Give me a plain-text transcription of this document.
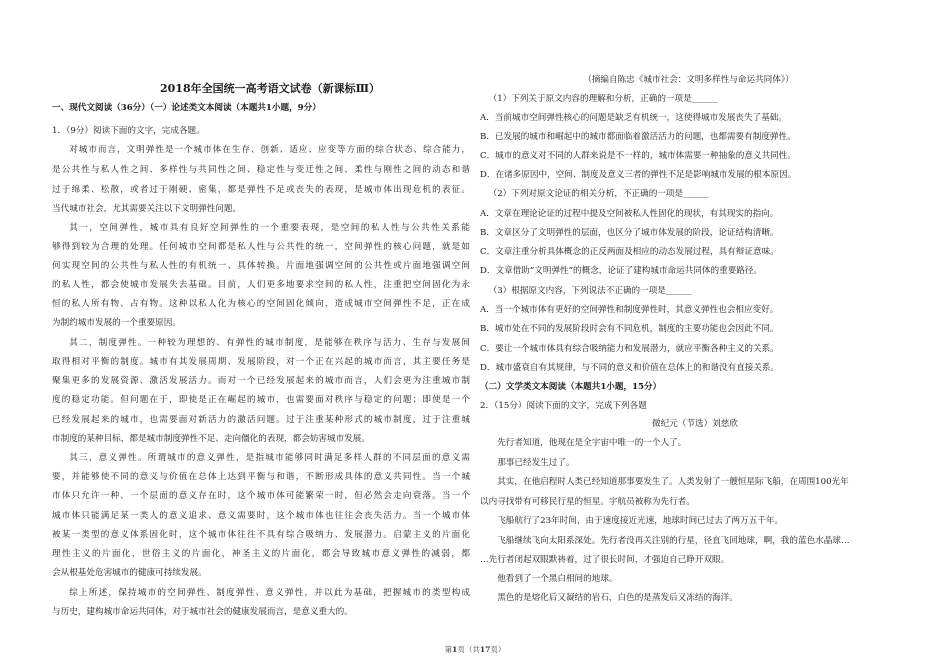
2018年全国统一高考语文试卷（新课标Ⅲ）
一、现代文阅读（36分）（一）论述类文本阅读（本题共1小题，9分）
1．（9分）阅读下面的文字，完成各题。
对城市而言，文明弹性是一个城市体在生存、创新、适应、应变等方面的综合状态、综合能力，
是公共性与私人性之间、多样性与共同性之间、稳定性与变迁性之间、柔性与刚性之间的动态和谐
过于绵柔、松散，或者过于刚硬、密集，都是弹性不足或丧失的表现，是城市体出现危机的表征。
当代城市社会，尤其需要关注以下文明弹性问题。
其一，空间弹性，城市具有良好空间弹性的一个重要表现，是空间的私人性与公共性关系能
够得到较为合理的处理。任何城市空间都是私人性与公共性的统一，空间弹性的核心问题，就是如
何实现空间的公共性与私人性的有机统一、具体转换。片面地强调空间的公共性或片面地强调空间
的私人性，都会使城市发展失去基础。目前，人们更多地要求空间的私人性，注重把空间固化为永
恒的私人所有物、占有物。这种以私人化为核心的空间固化倾向，造成城市空间弹性不足，正在成
为制约城市发展的一个重要原因。
其二，制度弹性。一种较为理想的、有弹性的城市制度，是能够在秩序与活力、生存与发展间
取得相对平衡的制度。城市有其发展周期、发展阶段，对一个正在兴起的城市而言，其主要任务是
聚集更多的发展资源、激活发展活力。而对一个已经发展起来的城市而言，人们会更为注重城市制
度的稳定功能。但问题在于，即使是正在崛起的城市，也需要面对秩序与稳定的问题；即使是一个
已经发展起来的城市，也需要面对新活力的激活问题。过于注重某种形式的城市制度，过于注重城
市制度的某种目标，都是城市制度弹性不足、走向僵化的表现，都会妨害城市发展。
其三，意义弹性。所谓城市的意义弹性，是指城市能够同时满足多样人群的不同层面的意义需
要，并能够使不同的意义与价值在总体上达到平衡与和谐，不断形成具体的意义共同性。当一个城
市体只允许一种、一个层面的意义存在时，这个城市体可能繁荣一时，但必然会走向衰落。当一个
城市体只能满足某一类人的意义追求、意义需要时，这个城市体也往往会丧失活力。当一个城市体
被某一类型的意义体系固化时，这个城市体往往不具有综合吸纳力、发展潜力。启蒙主义的片面化
理性主义的片面化，世俗主义的片面化，神圣主义的片面化，都会导致城市意义弹性的减弱，都
会从根基处危害城市的健康可持续发展。
综上所述，保持城市的空间弹性、制度弹性、意义弹性，并以此为基础，把握城市的类型构成
与历史，建构城市命运共同体，对于城市社会的健康发展而言，是意义重大的。
（摘编自陈忠《城市社会：文明多样性与命运共同体》）
（1）下列关于原文内容的理解和分析，正确的一项是______
A．当前城市空间弹性核心的问题是缺乏有机统一，这使得城市发展丧失了基础。
B．已发展的城市和崛起中的城市都面临着激活活力的问题，也都需要有制度弹性。
C．城市的意义对不同的人群来说是不一样的，城市体需要一种抽象的意义共同性。
D．在诸多原因中，空间、制度及意义三者的弹性不足是影响城市发展的根本原因。
（2）下列对原文论证的相关分析，不正确的一项是______
A．文章在理论论证的过程中提及空间被私人性固化的现状，有其现实的指向。
B．文章区分了文明弹性的层面，也区分了城市体发展的阶段，论证结构清晰。
C．文章注重分析具体概念的正反两面及相应的动态发展过程，具有辩证意味。
D．文章借助“文明弹性”的概念，论证了建构城市命运共同体的重要路径。
（3）根据原文内容，下列说法不正确的一项是______
A．当一个城市体有更好的空间弹性和制度弹性时，其意义弹性也会相应变好。
B．城市处在不同的发展阶段时会有不同危机，制度的主要功能也会因此不同。
C．要让一个城市体具有综合吸纳能力和发展潜力，就应平衡各种主义的关系。
D．城市盛衰自有其规律，与不同的意义和价值在总体上的和谐没有直接关系。
（二）文学类文本阅读（本题共1小题，15分）
2．（15分）阅读下面的文字，完成下列各题
微纪元（节选）刘慈欣
先行者知道，他现在是全宇宙中唯一的一个人了。
那事已经发生过了。
其实，在他启程时人类已经知道那事要发生了。人类发射了一艘恒星际飞船，在周围100光年
以内寻找带有可移民行星的恒星。宇航员被称为先行者。
飞船航行了23年时间，由于速度接近光速，地球时间已过去了两万五千年。
飞船继续飞向太阳系深处。先行者没再关注别的行星，径直飞回地球，啊，我的蓝色水晶球…
…先行者闭起双眼默祷着，过了很长时间，才强迫自己睁开双眼。
他看到了一个黑白相间的地球。
黑色的是熔化后又凝结的岩石，白色的是蒸发后又冻结的海洋。
第1页（共17页）
